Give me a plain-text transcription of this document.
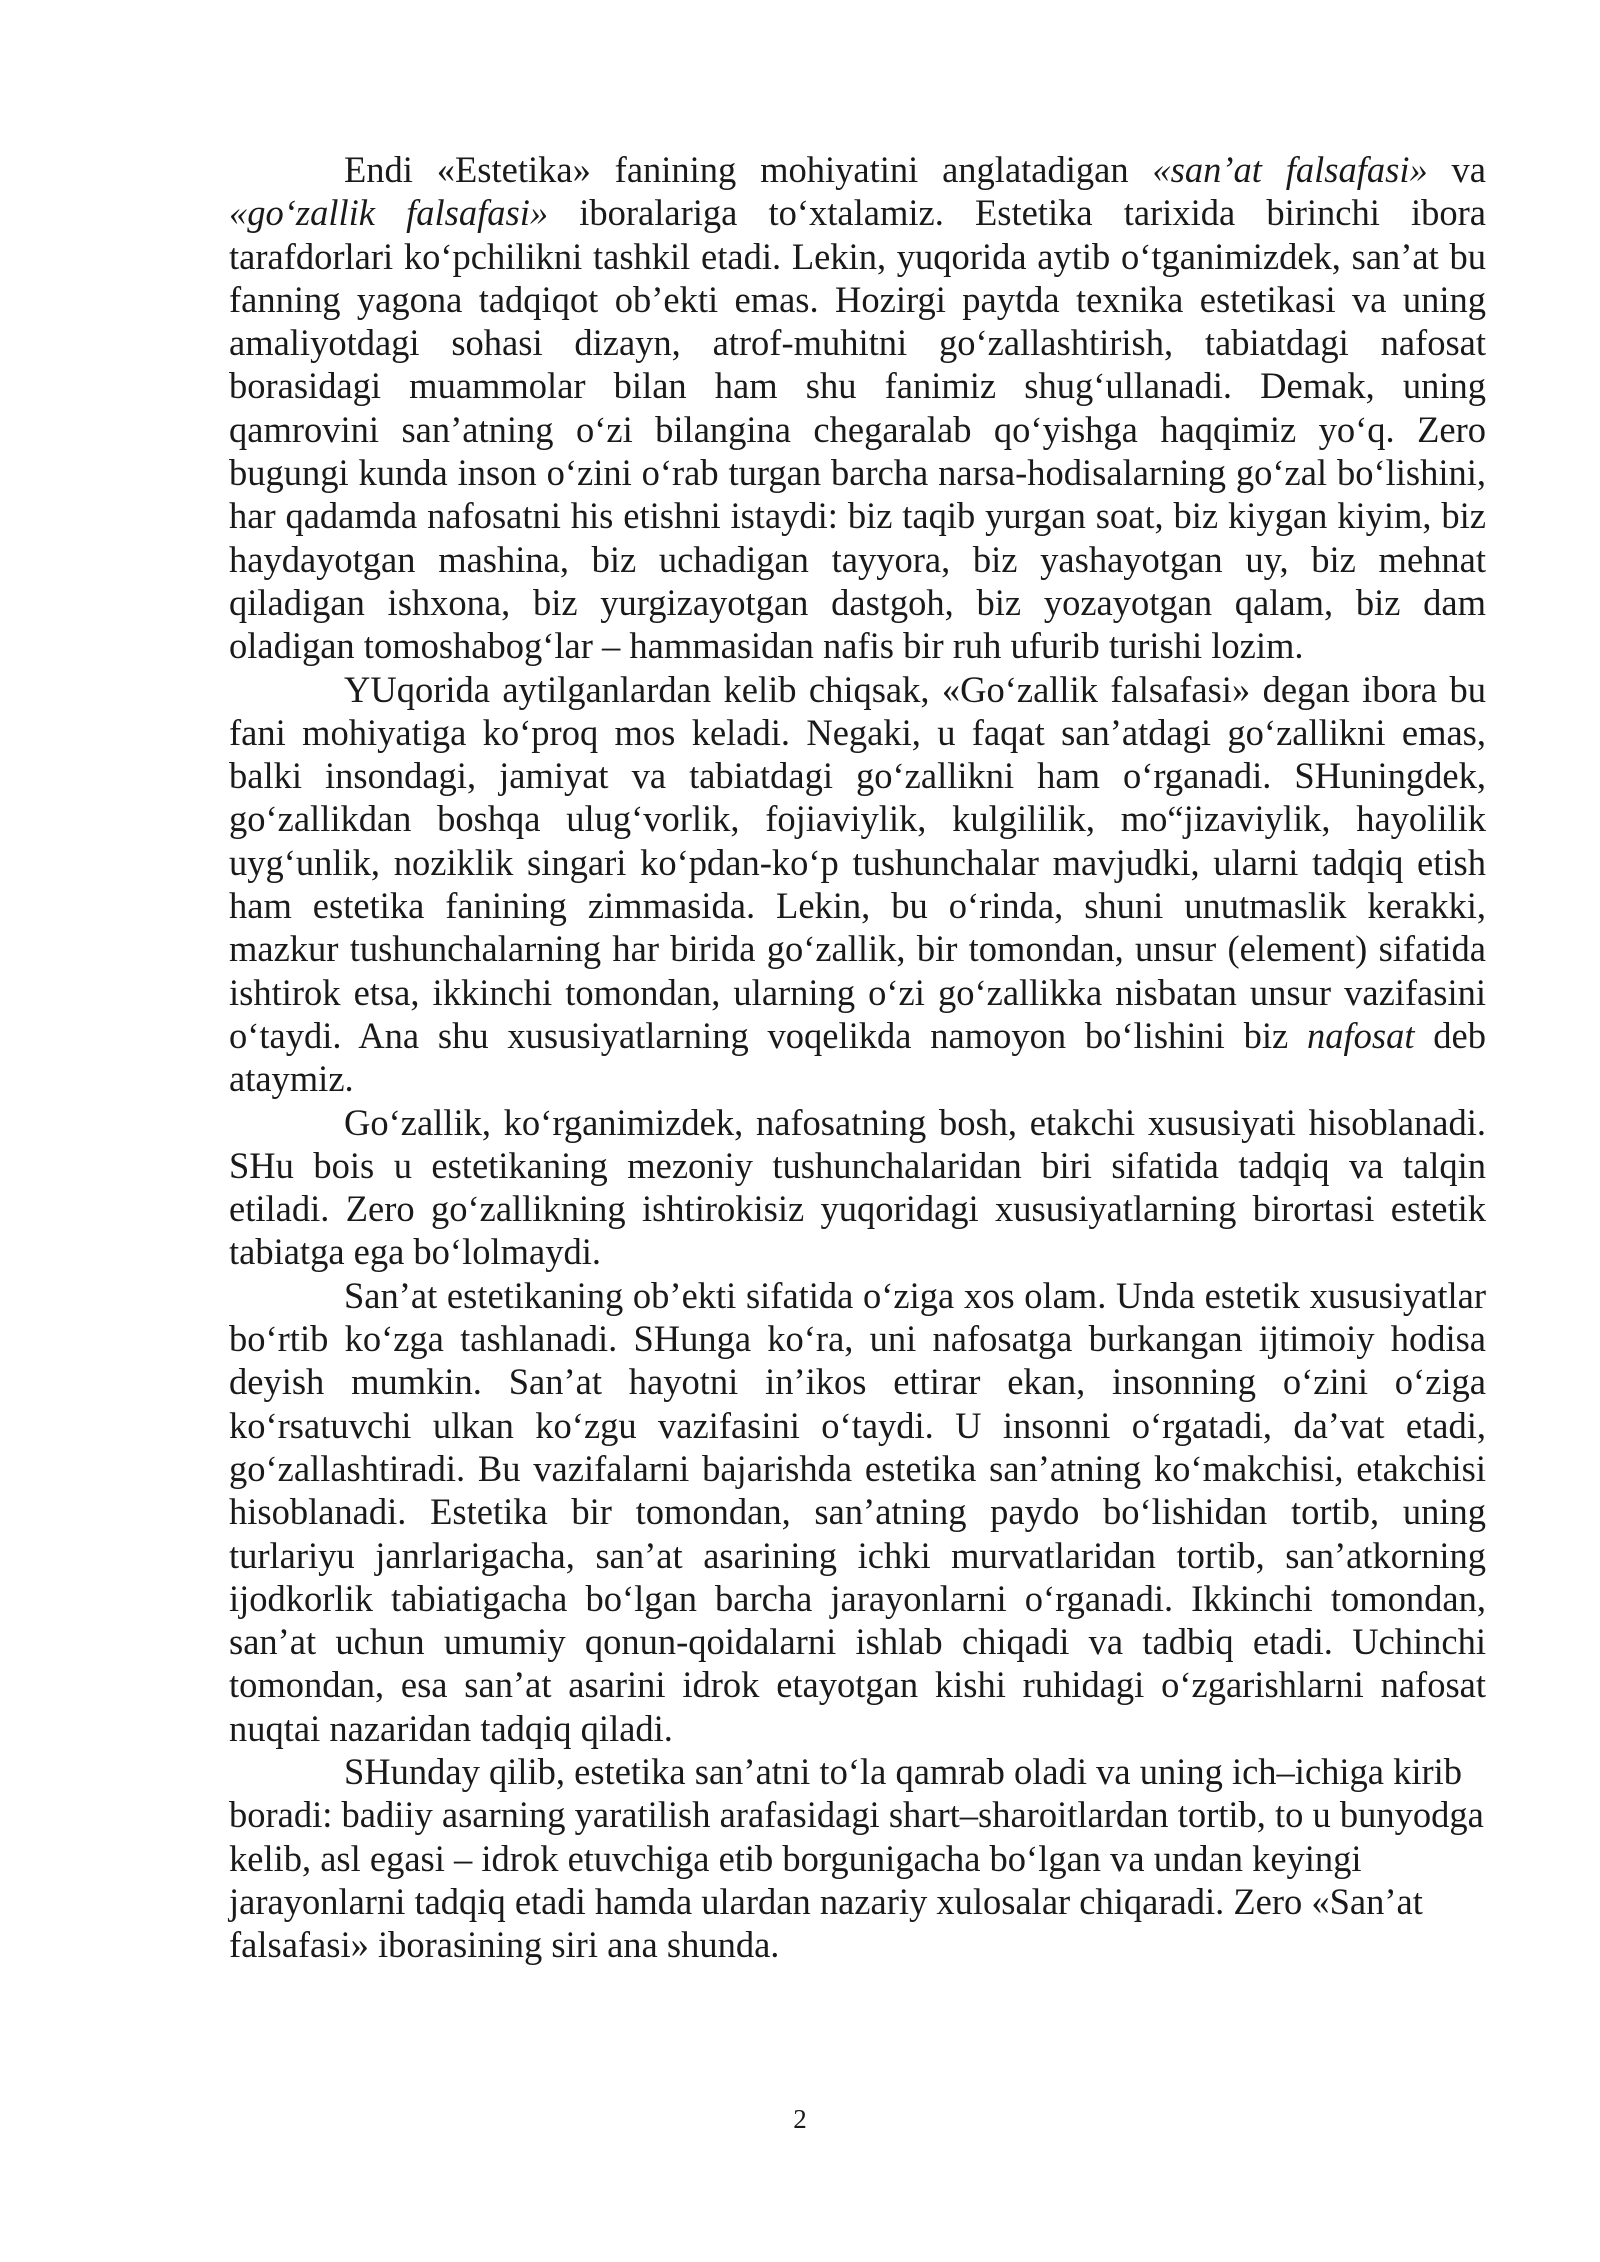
Endi «Estetika» fanining mohiyatini anglatadigan «san’at falsafasi» va «go‘zallik falsafasi» iboralariga to‘xtalamiz. Estetika tarixida birinchi ibora tarafdorlari ko‘pchilikni tashkil etadi. Lekin, yuqorida aytib o‘tganimizdek, san’at bu fanning yagona tadqiqot ob’ekti emas. Hozirgi paytda texnika estetikasi va uning amaliyotdagi sohasi dizayn, atrof-muhitni go‘zallashtirish, tabiatdagi nafosat borasidagi muammolar bilan ham shu fanimiz shug‘ullanadi. Demak, uning qamrovini san’atning o‘zi bilangina chegaralab qo‘yishga haqqimiz yo‘q. Zero bugungi kunda inson o‘zini o‘rab turgan barcha narsa-hodisalarning go‘zal bo‘lishini, har qadamda nafosatni his etishni istaydi: biz taqib yurgan soat, biz kiygan kiyim, biz haydayotgan mashina, biz uchadigan tayyora, biz yashayotgan uy, biz mehnat qiladigan ishxona, biz yurgizayotgan dastgoh, biz yozayotgan qalam, biz dam oladigan tomoshabog‘lar – hammasidan nafis bir ruh ufurib turishi lozim.

YUqorida aytilganlardan kelib chiqsak, «Go‘zallik falsafasi» degan ibora bu fani mohiyatiga ko‘proq mos keladi. Negaki, u faqat san’atdagi go‘zallikni emas, balki insondagi, jamiyat va tabiatdagi go‘zallikni ham o‘rganadi. SHuningdek, go‘zallikdan boshqa ulug‘vorlik, fojiaviylik, kulgililik, mo“jizaviylik, hayolilik uyg‘unlik, noziklik singari ko‘pdan-ko‘p tushunchalar mavjudki, ularni tadqiq etish ham estetika fanining zimmasida. Lekin, bu o‘rinda, shuni unutmaslik kerakki, mazkur tushunchalarning har birida go‘zallik, bir tomondan, unsur (element) sifatida ishtirok etsa, ikkinchi tomondan, ularning o‘zi go‘zallikka nisbatan unsur vazifasini o‘taydi. Ana shu xususiyatlarning voqelikda namoyon bo‘lishini biz nafosat deb ataymiz.

Go‘zallik, ko‘rganimizdek, nafosatning bosh, etakchi xususiyati hisoblanadi. SHu bois u estetikaning mezoniy tushunchalaridan biri sifatida tadqiq va talqin etiladi. Zero go‘zallikning ishtirokisiz yuqoridagi xususiyatlarning birortasi estetik tabiatga ega bo‘lolmaydi.

San’at estetikaning ob’ekti sifatida o‘ziga xos olam. Unda estetik xususiyatlar bo‘rtib ko‘zga tashlanadi. SHunga ko‘ra, uni nafosatga burkangan ijtimoiy hodisa deyish mumkin. San’at hayotni in’ikos ettirar ekan, insonning o‘zini o‘ziga ko‘rsatuvchi ulkan ko‘zgu vazifasini o‘taydi. U insonni o‘rgatadi, da’vat etadi, go‘zallashtiradi. Bu vazifalarni bajarishda estetika san’atning ko‘makchisi, etakchisi hisoblanadi. Estetika bir tomondan, san’atning paydo bo‘lishidan tortib, uning turlariyu janrlarigacha, san’at asarining ichki murvatlaridan tortib, san’atkorning ijodkorlik tabiatigacha bo‘lgan barcha jarayonlarni o‘rganadi. Ikkinchi tomondan, san’at uchun umumiy qonun-qoidalarni ishlab chiqadi va tadbiq etadi. Uchinchi tomondan, esa san’at asarini idrok etayotgan kishi ruhidagi o‘zgarishlarni nafosat nuqtai nazaridan tadqiq qiladi.

SHunday qilib, estetika san’atni to‘la qamrab oladi va uning ich–ichiga kirib boradi: badiiy asarning yaratilish arafasidagi shart–sharoitlardan tortib, to u bunyodga kelib, asl egasi – idrok etuvchiga etib borgunigacha bo‘lgan va undan keyingi jarayonlarni tadqiq etadi hamda ulardan nazariy xulosalar chiqaradi. Zero «San’at falsafasi» iborasining siri ana shunda.

2
